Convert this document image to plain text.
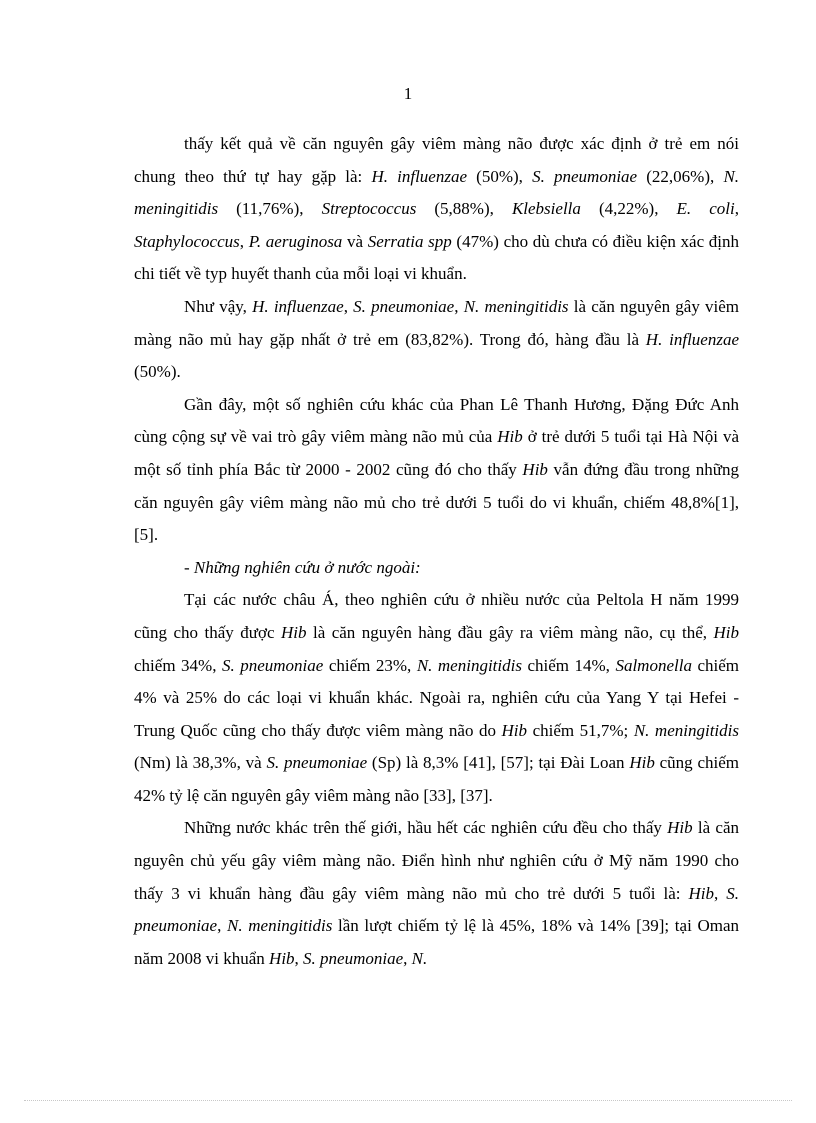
1

thấy kết quả về căn nguyên gây viêm màng não được xác định ở trẻ em nói chung theo thứ tự hay gặp là: H. influenzae (50%), S. pneumoniae (22,06%), N. meningitidis (11,76%), Streptococcus (5,88%), Klebsiella (4,22%), E. coli, Staphylococcus, P. aeruginosa và Serratia spp (47%) cho dù chưa có điều kiện xác định chi tiết về typ huyết thanh của mỗi loại vi khuẩn.

Như vậy, H. influenzae, S. pneumoniae, N. meningitidis là căn nguyên gây viêm màng não mủ hay gặp nhất ở trẻ em (83,82%). Trong đó, hàng đầu là H. influenzae (50%).

Gần đây, một số nghiên cứu khác của Phan Lê Thanh Hương, Đặng Đức Anh cùng cộng sự về vai trò gây viêm màng não mủ của Hib ở trẻ dưới 5 tuổi tại Hà Nội và một số tỉnh phía Bắc từ 2000 - 2002 cũng đó cho thấy Hib vẫn đứng đầu trong những căn nguyên gây viêm màng não mủ cho trẻ dưới 5 tuổi do vi khuẩn, chiếm 48,8%[1], [5].

- Những nghiên cứu ở nước ngoài:

Tại các nước châu Á, theo nghiên cứu ở nhiều nước của Peltola H năm 1999 cũng cho thấy được Hib là căn nguyên hàng đầu gây ra viêm màng não, cụ thể, Hib chiếm 34%, S. pneumoniae chiếm 23%, N. meningitidis chiếm 14%, Salmonella chiếm 4% và 25% do các loại vi khuẩn khác. Ngoài ra, nghiên cứu của Yang Y tại Hefei - Trung Quốc cũng cho thấy được viêm màng não do Hib chiếm 51,7%; N. meningitidis (Nm) là 38,3%, và S. pneumoniae (Sp) là 8,3% [41], [57]; tại Đài Loan Hib cũng chiếm 42% tỷ lệ căn nguyên gây viêm màng não [33], [37].

Những nước khác trên thế giới, hầu hết các nghiên cứu đều cho thấy Hib là căn nguyên chủ yếu gây viêm màng não. Điển hình như nghiên cứu ở Mỹ năm 1990 cho thấy 3 vi khuẩn hàng đầu gây viêm màng não mủ cho trẻ dưới 5 tuổi là: Hib, S. pneumoniae, N. meningitidis lần lượt chiếm tỷ lệ là 45%, 18% và 14% [39]; tại Oman năm 2008 vi khuẩn Hib, S. pneumoniae, N.
